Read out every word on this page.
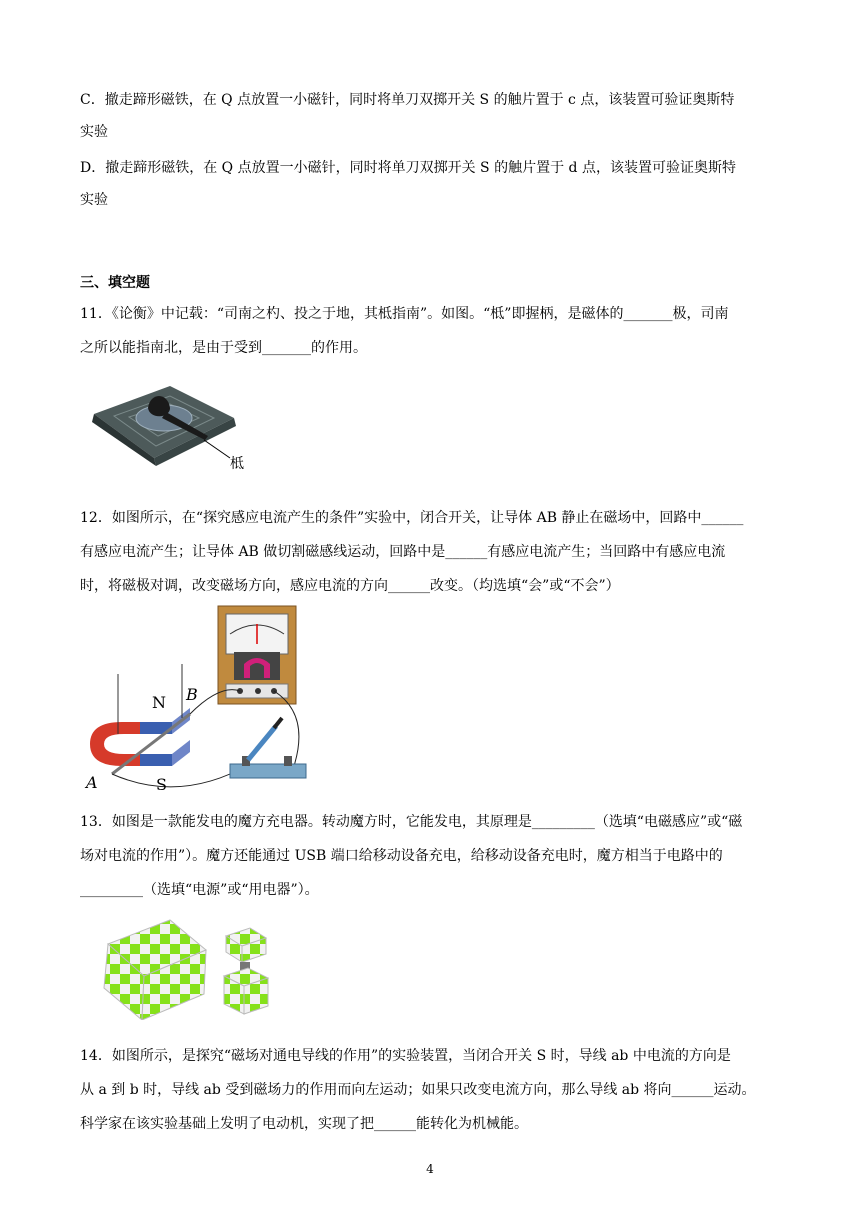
C．撤走蹄形磁铁，在 Q 点放置一小磁针，同时将单刀双掷开关 S 的触片置于 c 点，该装置可验证奥斯特
实验
D．撤走蹄形磁铁，在 Q 点放置一小磁针，同时将单刀双掷开关 S 的触片置于 d 点，该装置可验证奥斯特
实验
三、填空题
11．《论衡》中记载：“司南之杓、投之于地，其柢指南”。如图。“柢”即握柄，是磁体的_______极，司南
之所以能指南北，是由于受到_______的作用。
柢
12．如图所示，在“探究感应电流产生的条件”实验中，闭合开关，让导体 AB 静止在磁场中，回路中______
有感应电流产生；让导体 AB 做切割磁感线运动，回路中是______有感应电流产生；当回路中有感应电流
时，将磁极对调，改变磁场方向，感应电流的方向______改变。（均选填“会”或“不会”）
N
S
A
B
13．如图是一款能发电的魔方充电器。转动魔方时，它能发电，其原理是_________（选填“电磁感应”或“磁
场对电流的作用”）。魔方还能通过 USB 端口给移动设备充电，给移动设备充电时，魔方相当于电路中的
_________（选填“电源”或“用电器”）。
14．如图所示，是探究“磁场对通电导线的作用”的实验装置，当闭合开关 S 时，导线 ab 中电流的方向是
从 a 到 b 时，导线 ab 受到磁场力的作用而向左运动；如果只改变电流方向，那么导线 ab 将向______运动。
科学家在该实验基础上发明了电动机，实现了把______能转化为机械能。
4
